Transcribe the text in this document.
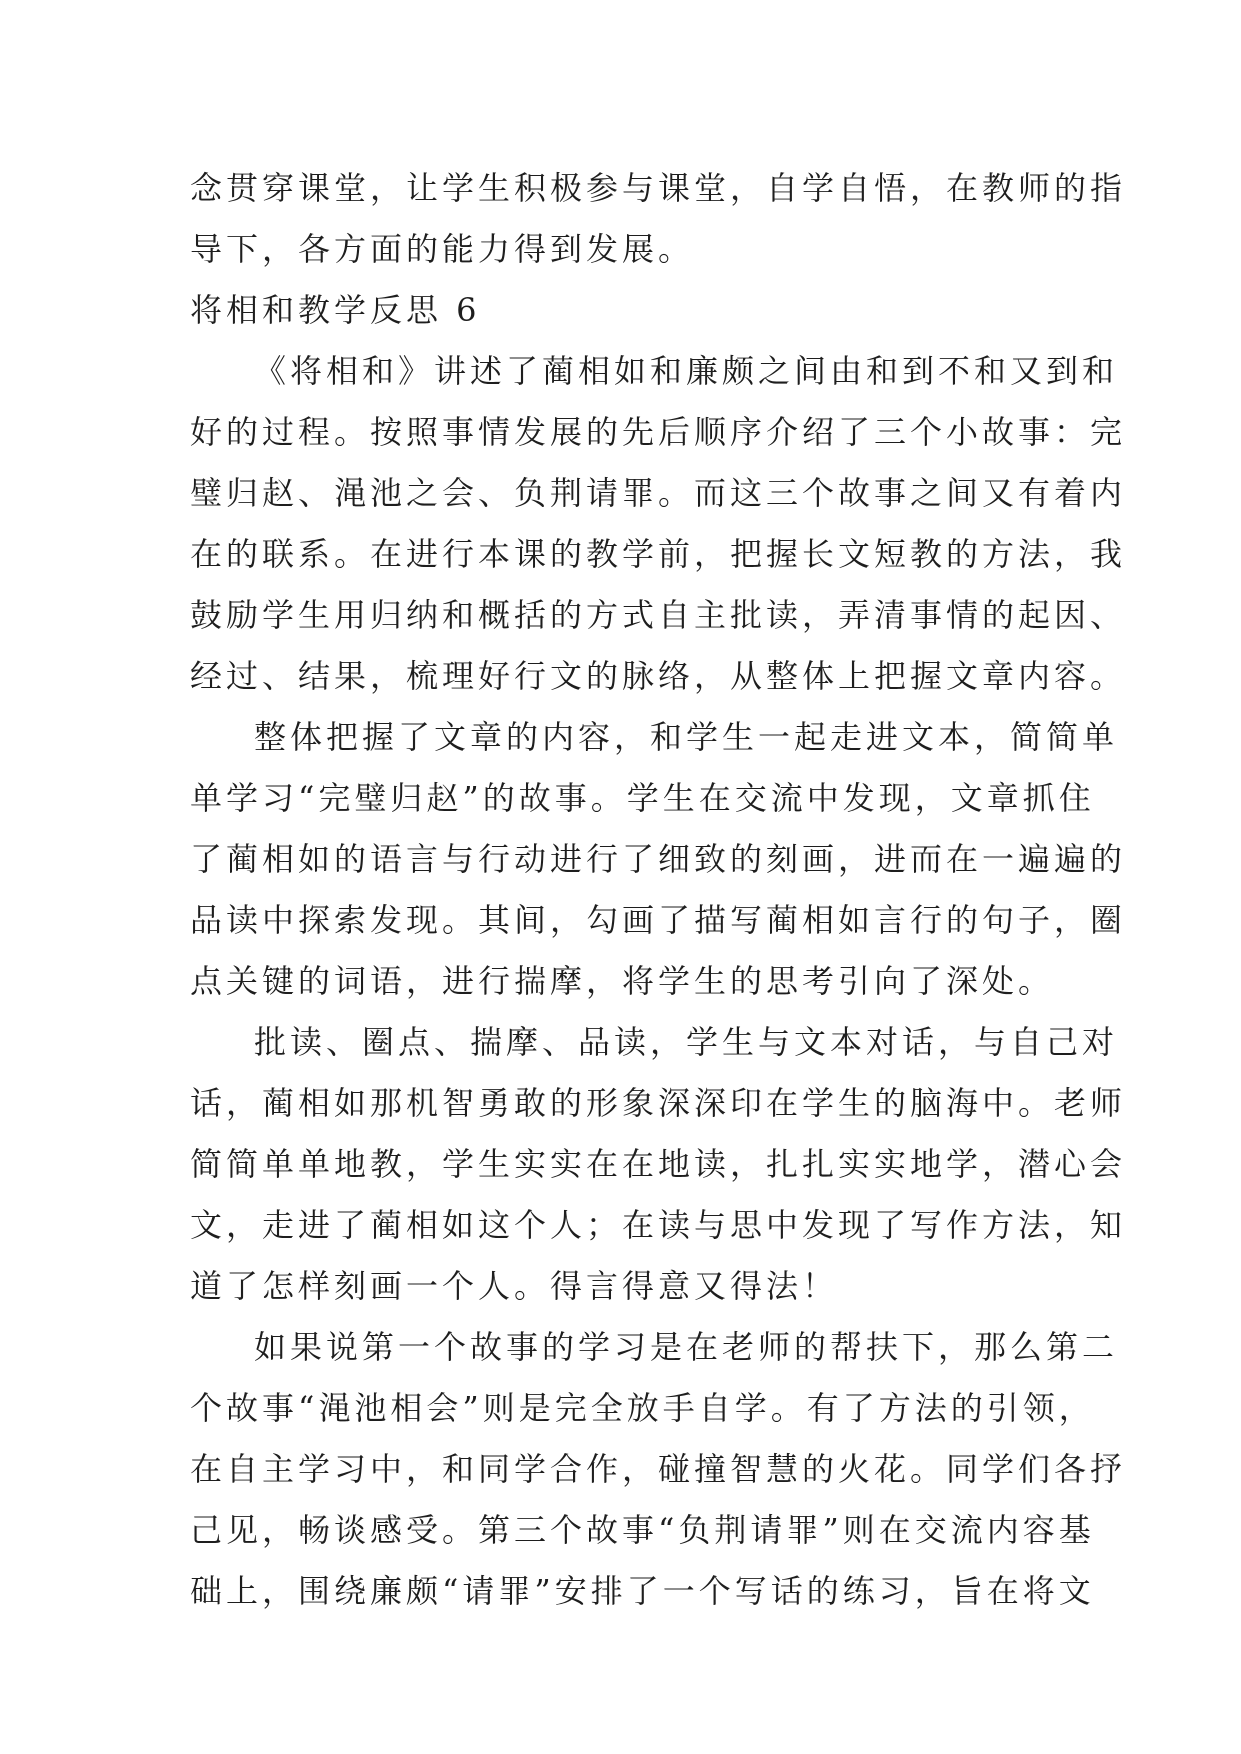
念贯穿课堂，让学生积极参与课堂，自学自悟，在教师的指
导下，各方面的能力得到发展。
将相和教学反思 6
《将相和》讲述了蔺相如和廉颇之间由和到不和又到和
好的过程。按照事情发展的先后顺序介绍了三个小故事：完
璧归赵、渑池之会、负荆请罪。而这三个故事之间又有着内
在的联系。在进行本课的教学前，把握长文短教的方法，我
鼓励学生用归纳和概括的方式自主批读，弄清事情的起因、
经过、结果，梳理好行文的脉络，从整体上把握文章内容。
整体把握了文章的内容，和学生一起走进文本，简简单
单学习“完璧归赵”的故事。学生在交流中发现，文章抓住
了蔺相如的语言与行动进行了细致的刻画，进而在一遍遍的
品读中探索发现。其间，勾画了描写蔺相如言行的句子，圈
点关键的词语，进行揣摩，将学生的思考引向了深处。
批读、圈点、揣摩、品读，学生与文本对话，与自己对
话，蔺相如那机智勇敢的形象深深印在学生的脑海中。老师
简简单单地教，学生实实在在地读，扎扎实实地学，潜心会
文，走进了蔺相如这个人；在读与思中发现了写作方法，知
道了怎样刻画一个人。得言得意又得法！
如果说第一个故事的学习是在老师的帮扶下，那么第二
个故事“渑池相会”则是完全放手自学。有了方法的引领，
在自主学习中，和同学合作，碰撞智慧的火花。同学们各抒
己见，畅谈感受。第三个故事“负荆请罪”则在交流内容基
础上，围绕廉颇“请罪”安排了一个写话的练习，旨在将文
